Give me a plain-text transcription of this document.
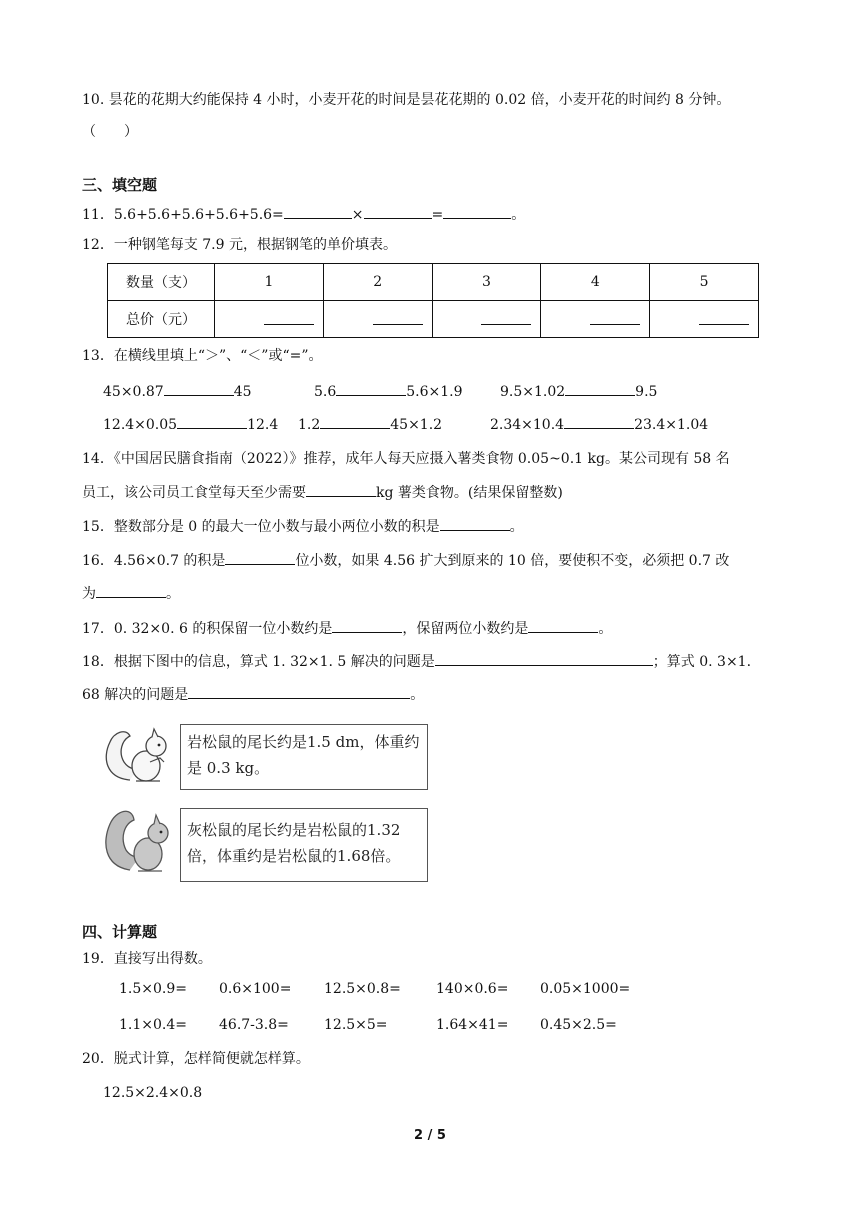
10. 昙花的花期大约能保持 4 小时，小麦开花的时间是昙花花期的 0.02 倍，小麦开花的时间约 8 分钟。
（　　）
三、填空题
11．5.6+5.6+5.6+5.6+5.6=	×	=	。
12．一种钢笔每支 7.9 元，根据钢笔的单价填表。
数量（支）	1	2	3	4	5
总价（元）					
13．在横线里填上“＞”、“＜”或“=”。
45×0.87	45	5.6	5.6×1.9	9.5×1.02	9.5
12.4×0.05	12.4 1.2	45×1.2	2.34×10.4	23.4×1.04
14．《中国居民膳食指南（2022）》推荐，成年人每天应摄入薯类食物 0.05~0.1 kg。某公司现有 58 名
员工，该公司员工食堂每天至少需要	kg 薯类食物。(结果保留整数)
15．整数部分是 0 的最大一位小数与最小两位小数的积是	。
16．4.56×0.7 的积是	位小数，如果 4.56 扩大到原来的 10 倍，要使积不变，必须把 0.7 改
为	。
17．0. 32×0. 6 的积保留一位小数约是	，保留两位小数约是	。
18．根据下图中的信息，算式 1. 32×1. 5 解决的问题是	；算式 0. 3×1.
68 解决的问题是	。
岩松鼠的尾长约是1.5 dm，体重约是 0.3 kg。
灰松鼠的尾长约是岩松鼠的1.32倍，体重约是岩松鼠的1.68倍。
四、计算题
19．直接写出得数。
1.5×0.9= 0.6×100= 12.5×0.8=	140×0.6= 0.05×1000=
1.1×0.4= 46.7-3.8=	12.5×5=	1.64×41= 0.45×2.5=
20．脱式计算，怎样简便就怎样算。
12.5×2.4×0.8
2 / 5
